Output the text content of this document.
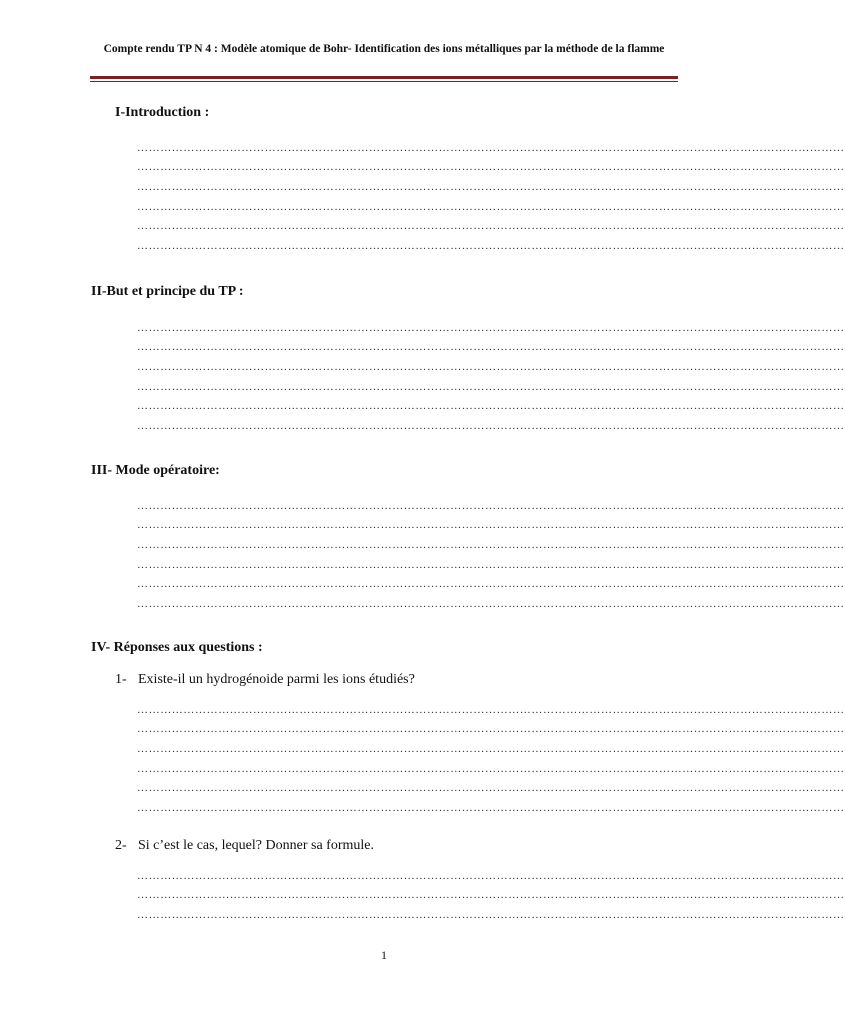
Compte rendu TP N 4 : Modèle atomique de Bohr- Identification des ions métalliques par la méthode de la flamme
I-Introduction :
…………………………………………………………………………………………………………………………………………………………………
…………………………………………………………………………………………………………………………………………………………………
…………………………………………………………………………………………………………………………………………………………………
…………………………………………………………………………………………………………………………………………………………………
…………………………………………………………………………………………………………………………………………………………………
…………………………………………………………………………………………………………………………………………………………………
II-But et principe du TP :
…………………………………………………………………………………………………………………………………………………………………
…………………………………………………………………………………………………………………………………………………………………
…………………………………………………………………………………………………………………………………………………………………
…………………………………………………………………………………………………………………………………………………………………
…………………………………………………………………………………………………………………………………………………………………
…………………………………………………………………………………………………………………………………………………………………
III- Mode opératoire:
…………………………………………………………………………………………………………………………………………………………………
…………………………………………………………………………………………………………………………………………………………………
…………………………………………………………………………………………………………………………………………………………………
…………………………………………………………………………………………………………………………………………………………………
…………………………………………………………………………………………………………………………………………………………………
…………………………………………………………………………………………………………………………………………………………………
IV- Réponses aux questions :
1- Existe-il un hydrogénoide parmi les ions étudiés?
…………………………………………………………………………………………………………………………………………………………………
…………………………………………………………………………………………………………………………………………………………………
…………………………………………………………………………………………………………………………………………………………………
…………………………………………………………………………………………………………………………………………………………………
…………………………………………………………………………………………………………………………………………………………………
…………………………………………………………………………………………………………………………………………………………………
2- Si c’est le cas, lequel? Donner sa formule.
…………………………………………………………………………………………………………………………………………………………………
…………………………………………………………………………………………………………………………………………………………………
…………………………………………………………………………………………………………………………………………………………………
1
